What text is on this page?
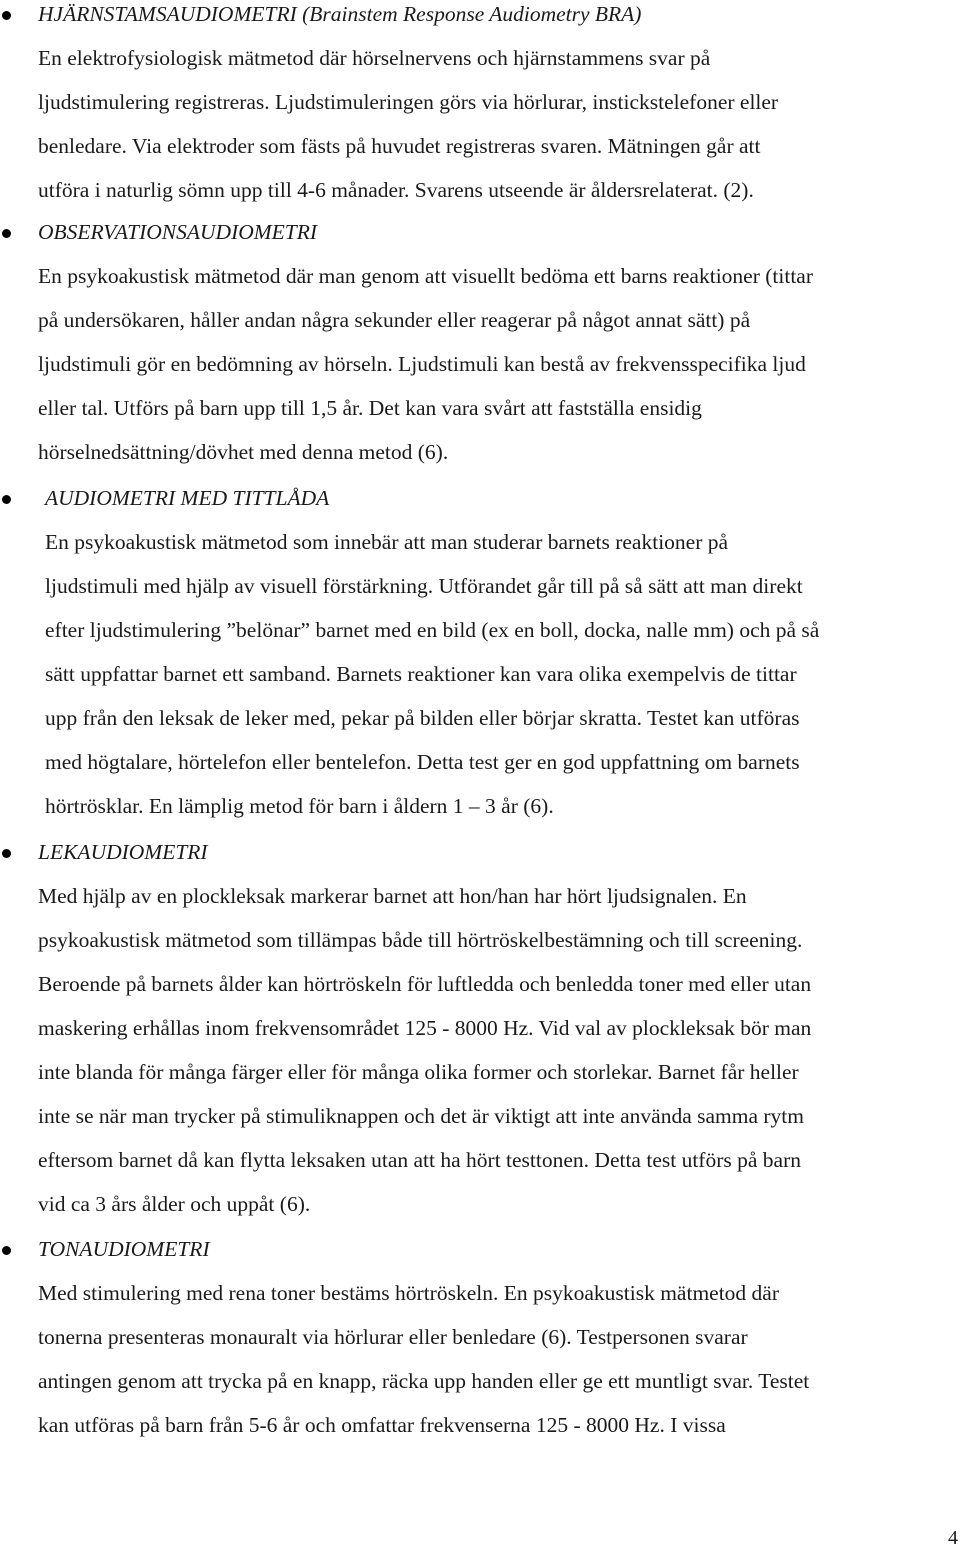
HJÄRNSTAMSAUDIOMETRI (Brainstem Response Audiometry BRA)

En elektrofysiologisk mätmetod där hörselnervens och hjärnstammens svar på

ljudstimulering registreras. Ljudstimuleringen görs via hörlurar, instickstelefoner eller

benledare. Via elektroder som fästs på huvudet registreras svaren. Mätningen går att

utföra i naturlig sömn upp till 4-6 månader. Svarens utseende är åldersrelaterat. (2).

OBSERVATIONSAUDIOMETRI

En psykoakustisk mätmetod där man genom att visuellt bedöma ett barns reaktioner (tittar

på undersökaren, håller andan några sekunder eller reagerar på något annat sätt) på

ljudstimuli gör en bedömning av hörseln. Ljudstimuli kan bestå av frekvensspecifika ljud

eller tal. Utförs på barn upp till 1,5 år. Det kan vara svårt att fastställa ensidig

hörselnedsättning/dövhet med denna metod (6).

AUDIOMETRI MED TITTLÅDA

En psykoakustisk mätmetod som innebär att man studerar barnets reaktioner på

ljudstimuli med hjälp av visuell förstärkning. Utförandet går till på så sätt att man direkt

efter ljudstimulering ”belönar” barnet med en bild (ex en boll, docka, nalle mm) och på så

sätt uppfattar barnet ett samband. Barnets reaktioner kan vara olika exempelvis de tittar

upp från den leksak de leker med, pekar på bilden eller börjar skratta. Testet kan utföras

med högtalare, hörtelefon eller bentelefon. Detta test ger en god uppfattning om barnets

hörtrösklar. En lämplig metod för barn i åldern 1 – 3 år (6).

LEKAUDIOMETRI

Med hjälp av en plockleksak markerar barnet att hon/han har hört ljudsignalen. En

psykoakustisk mätmetod som tillämpas både till hörtröskelbestämning och till screening.

Beroende på barnets ålder kan hörtröskeln för luftledda och benledda toner med eller utan

maskering erhållas inom frekvensområdet 125 - 8000 Hz. Vid val av plockleksak bör man

inte blanda för många färger eller för många olika former och storlekar. Barnet får heller

inte se när man trycker på stimuliknappen och det är viktigt att inte använda samma rytm

eftersom barnet då kan flytta leksaken utan att ha hört testtonen. Detta test utförs på barn

vid ca 3 års ålder och uppåt (6).

TONAUDIOMETRI

Med stimulering med rena toner bestäms hörtröskeln. En psykoakustisk mätmetod där

tonerna presenteras monauralt via hörlurar eller benledare (6). Testpersonen svarar

antingen genom att trycka på en knapp, räcka upp handen eller ge ett muntligt svar. Testet

kan utföras på barn från 5-6 år och omfattar frekvenserna 125 - 8000 Hz. I vissa

4
